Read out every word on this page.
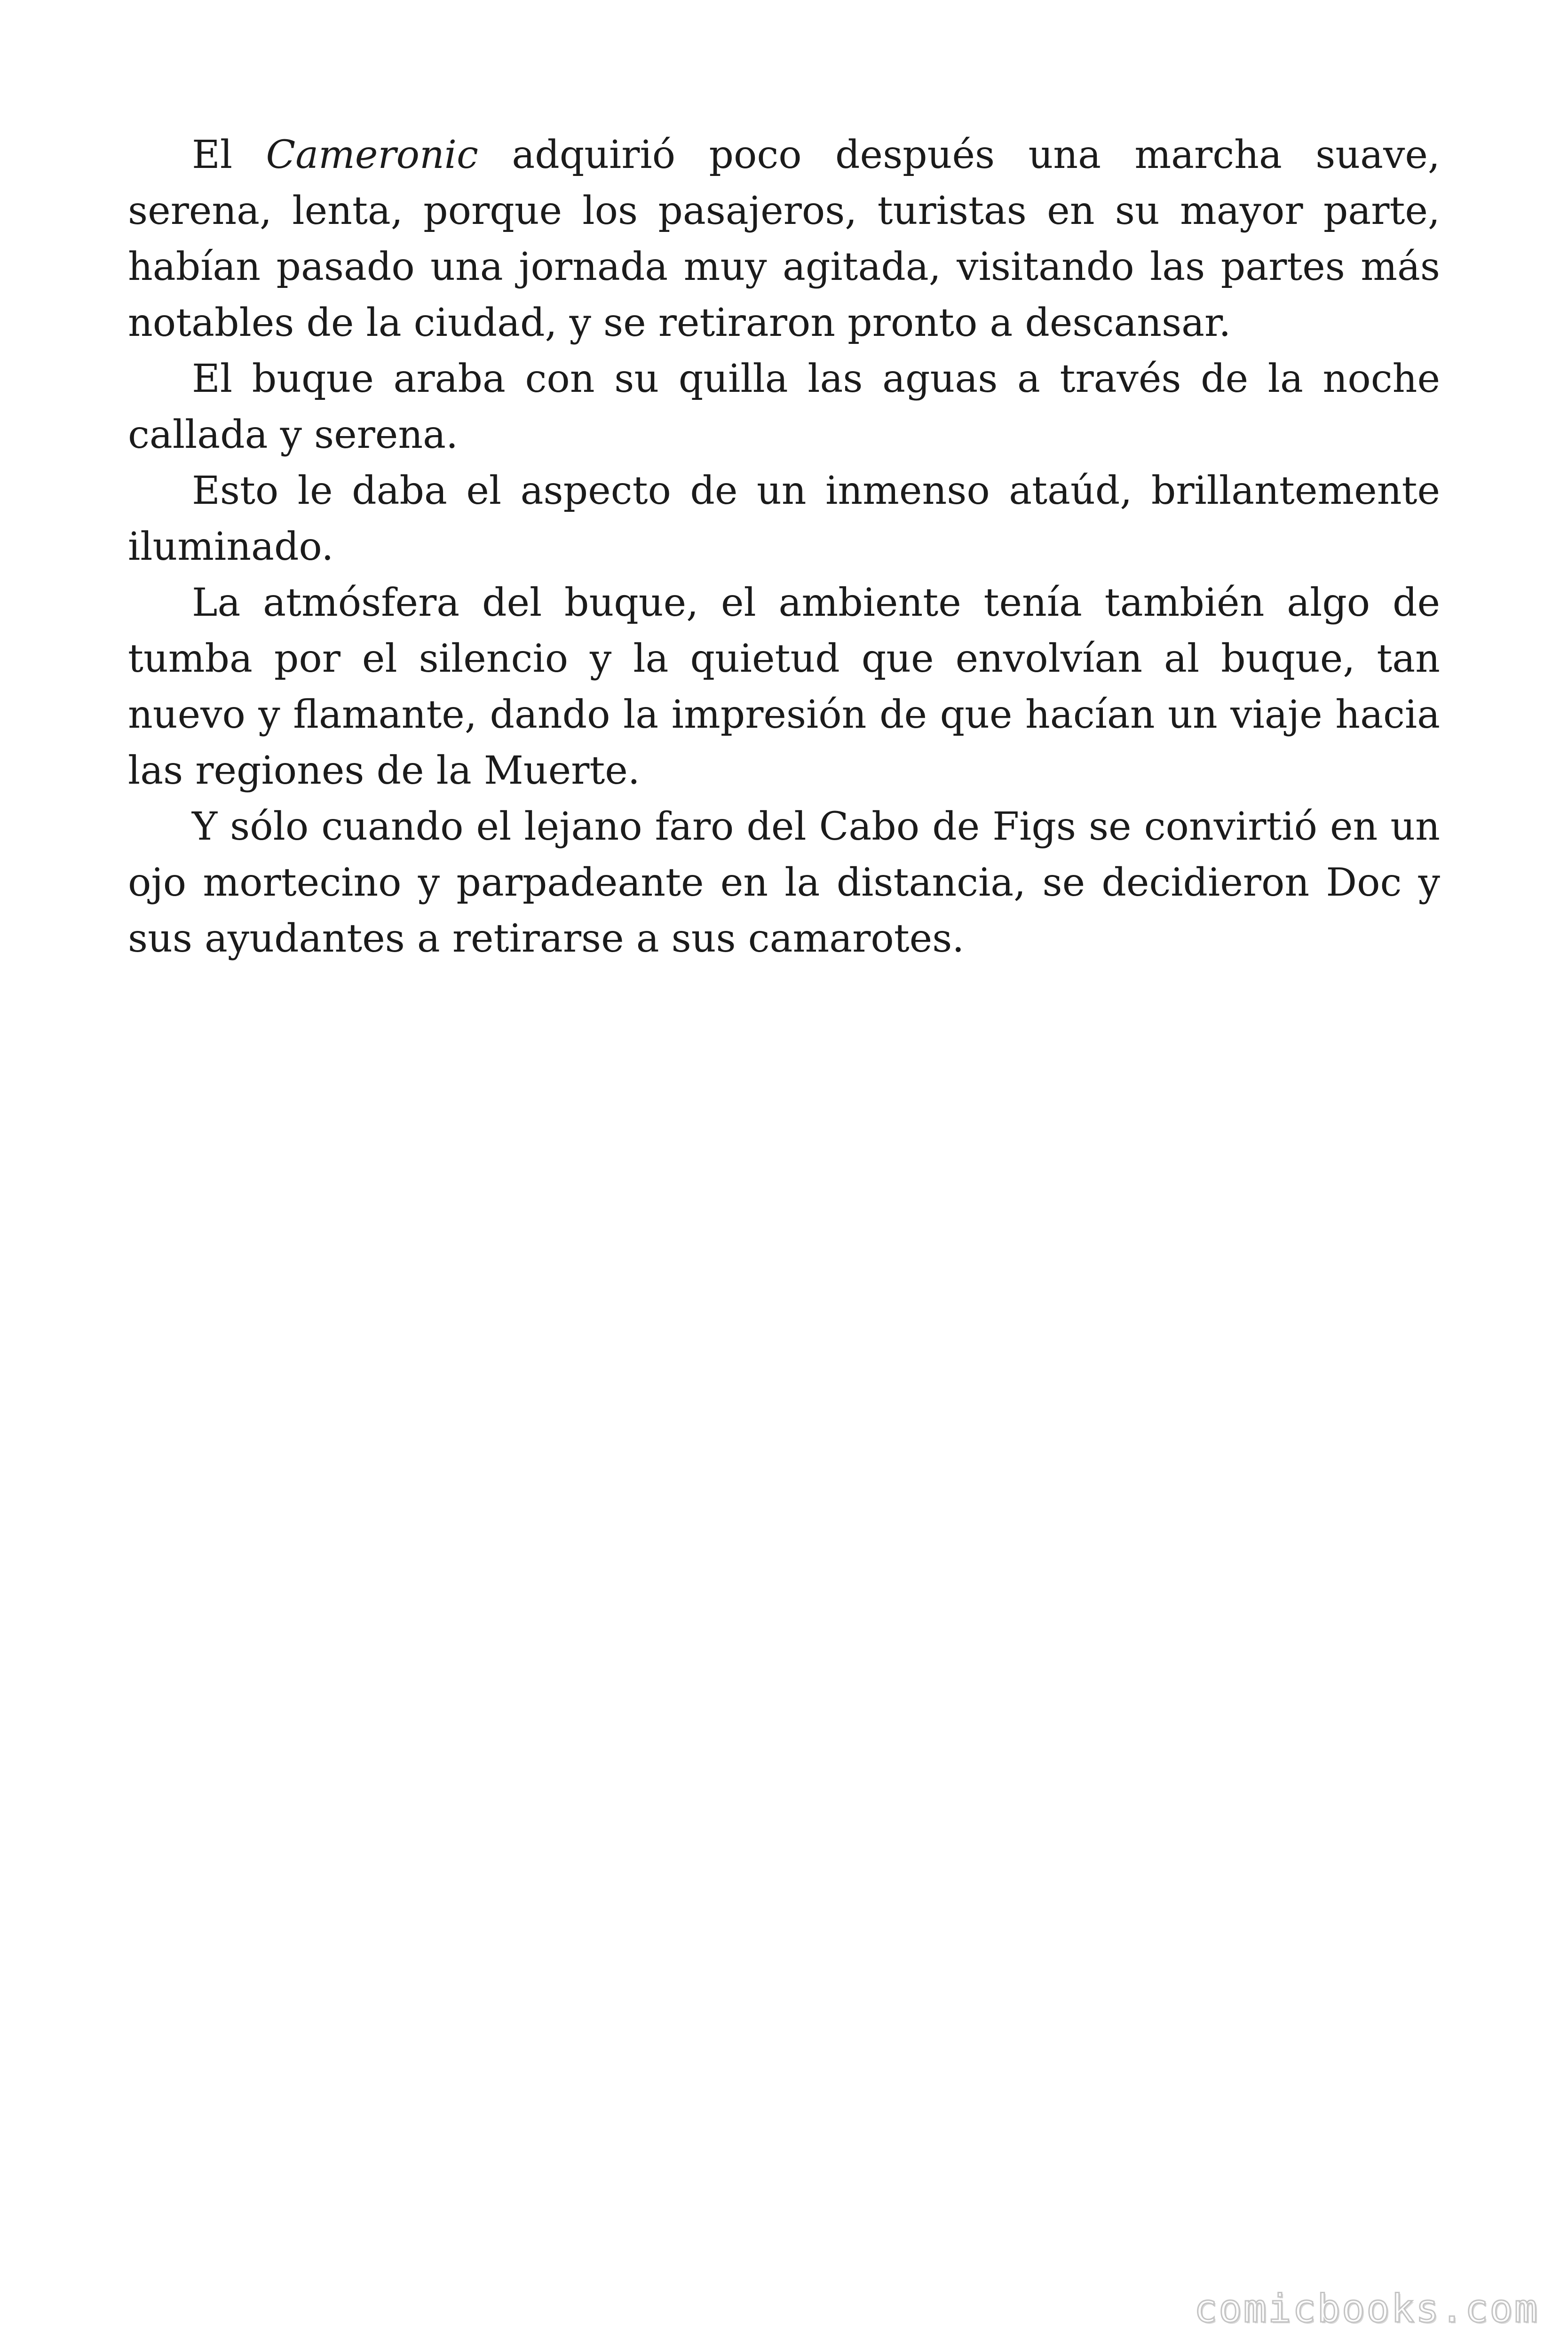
El Cameronic adquirió poco después una marcha suave, serena, lenta, porque los pasajeros, turistas en su mayor parte, habían pasado una jornada muy agitada, visitando las partes más notables de la ciudad, y se retiraron pronto a descansar.

El buque araba con su quilla las aguas a través de la noche callada y serena.

Esto le daba el aspecto de un inmenso ataúd, brillantemente iluminado.

La atmósfera del buque, el ambiente tenía también algo de tumba por el silencio y la quietud que envolvían al buque, tan nuevo y flamante, dando la impresión de que hacían un viaje hacia las regiones de la Muerte.

Y sólo cuando el lejano faro del Cabo de Figs se convirtió en un ojo mortecino y parpadeante en la distancia, se decidieron Doc y sus ayudantes a retirarse a sus camarotes.

comicbooks.com
